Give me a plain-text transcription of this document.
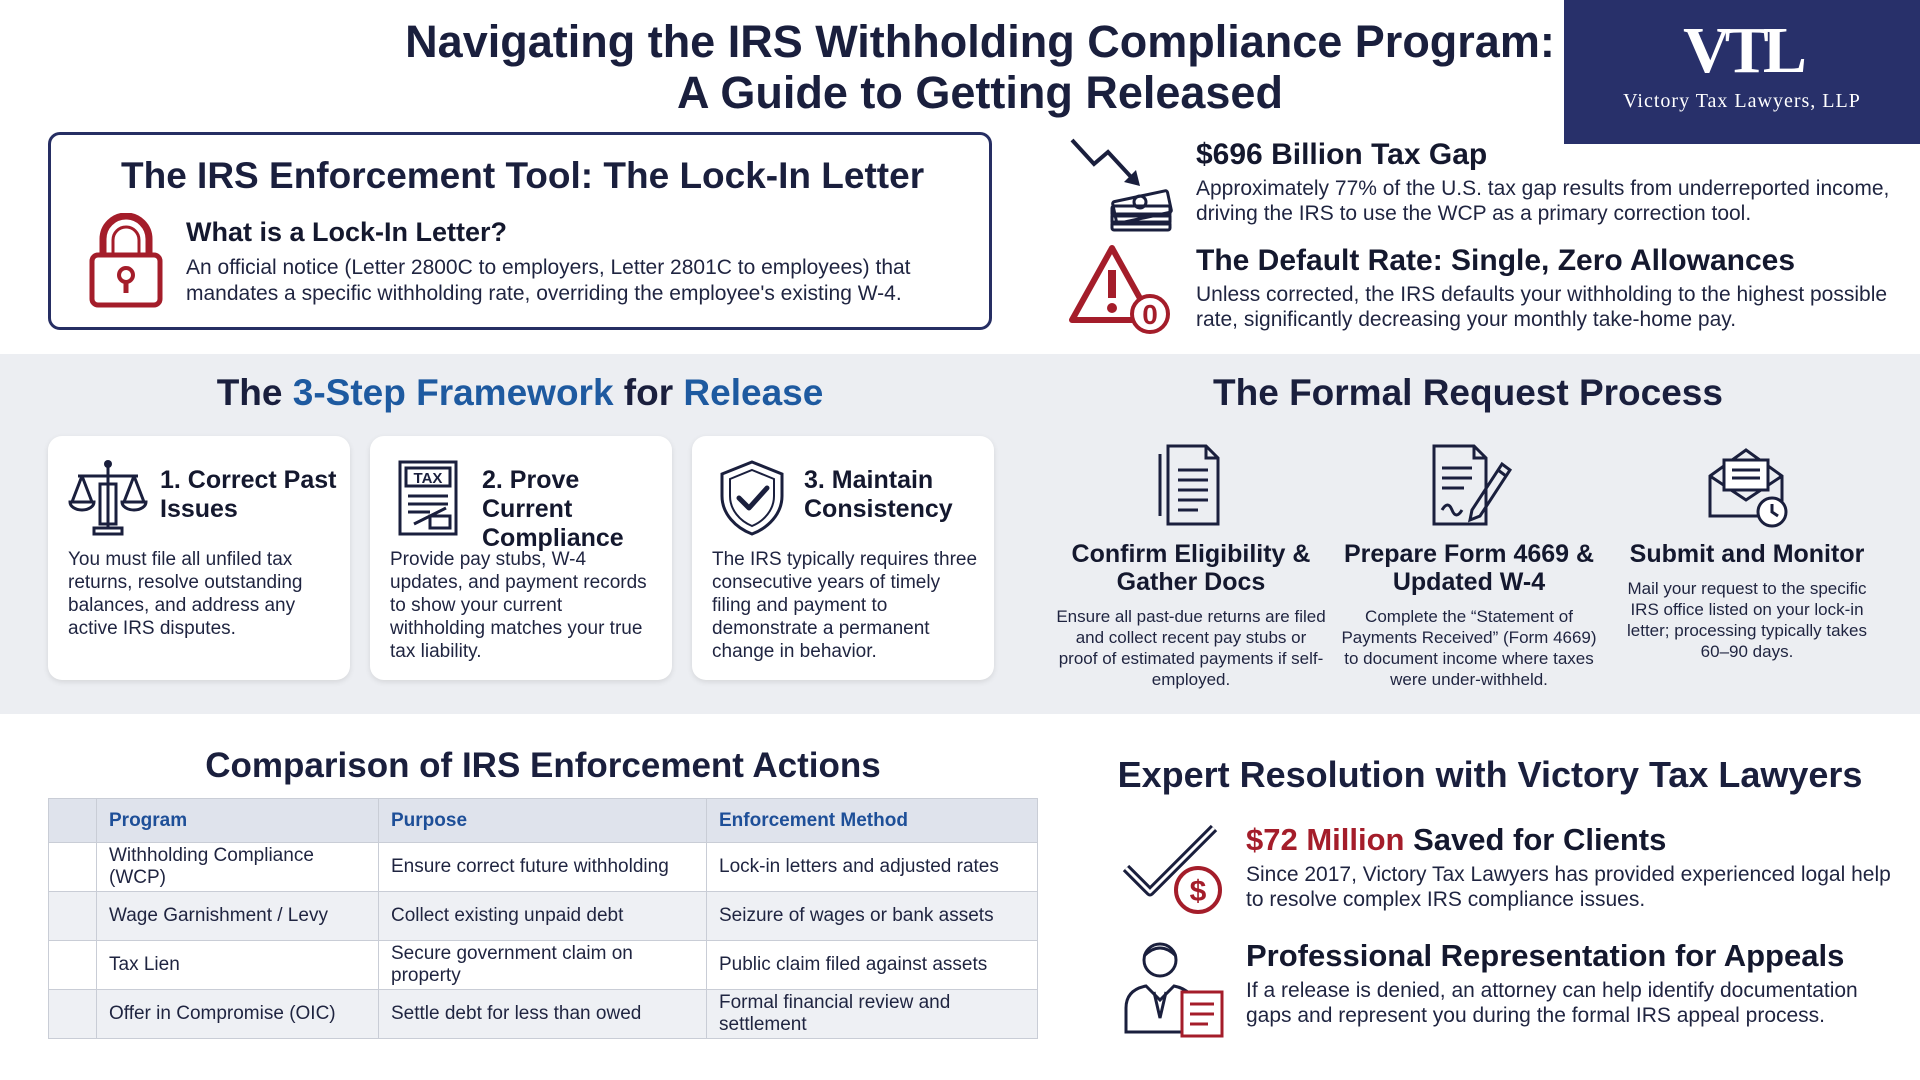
Navigating the IRS Withholding Compliance Program:
A Guide to Getting Released
VTL
Victory Tax Lawyers, LLP
The IRS Enforcement Tool: The Lock-In Letter
What is a Lock-In Letter?
An official notice (Letter 2800C to employers, Letter 2801C to employees) that mandates a specific withholding rate, overriding the employee's existing W-4.
$696 Billion Tax Gap
Approximately 77% of the U.S. tax gap results from underreported income, driving the IRS to use the WCP as a primary correction tool.
0
The Default Rate: Single, Zero Allowances
Unless corrected, the IRS defaults your withholding to the highest possible rate, significantly decreasing your monthly take-home pay.
The 3-Step Framework for Release
1. Correct Past Issues
You must file all unfiled tax returns, resolve outstanding balances, and address any active IRS disputes.
TAX 2. Prove Current Compliance
Provide pay stubs, W-4 updates, and payment records to show your current withholding matches your true tax liability.
3. Maintain Consistency
The IRS typically requires three consecutive years of timely filing and payment to demonstrate a permanent change in behavior.
The Formal Request Process
Confirm Eligibility & Gather Docs
Ensure all past-due returns are filed and collect recent pay stubs or proof of estimated payments if self-employed.
Prepare Form 4669 & Updated W-4
Complete the “Statement of Payments Received” (Form 4669) to document income where taxes were under-withheld.
Submit and Monitor
Mail your request to the specific IRS office listed on your lock-in letter; processing typically takes 60–90 days.
Comparison of IRS Enforcement Actions
	Program	Purpose	Enforcement Method
	Withholding Compliance (WCP)	Ensure correct future withholding	Lock-in letters and adjusted rates
	Wage Garnishment / Levy	Collect existing unpaid debt	Seizure of wages or bank assets
	Tax Lien	Secure government claim on property	Public claim filed against assets
	Offer in Compromise (OIC)	Settle debt for less than owed	Formal financial review and settlement
Expert Resolution with Victory Tax Lawyers
$
$72 Million Saved for Clients
Since 2017, Victory Tax Lawyers has provided experienced logal help to resolve complex IRS compliance issues.
Professional Representation for Appeals
If a release is denied, an attorney can help identify documentation gaps and represent you during the formal IRS appeal process.
